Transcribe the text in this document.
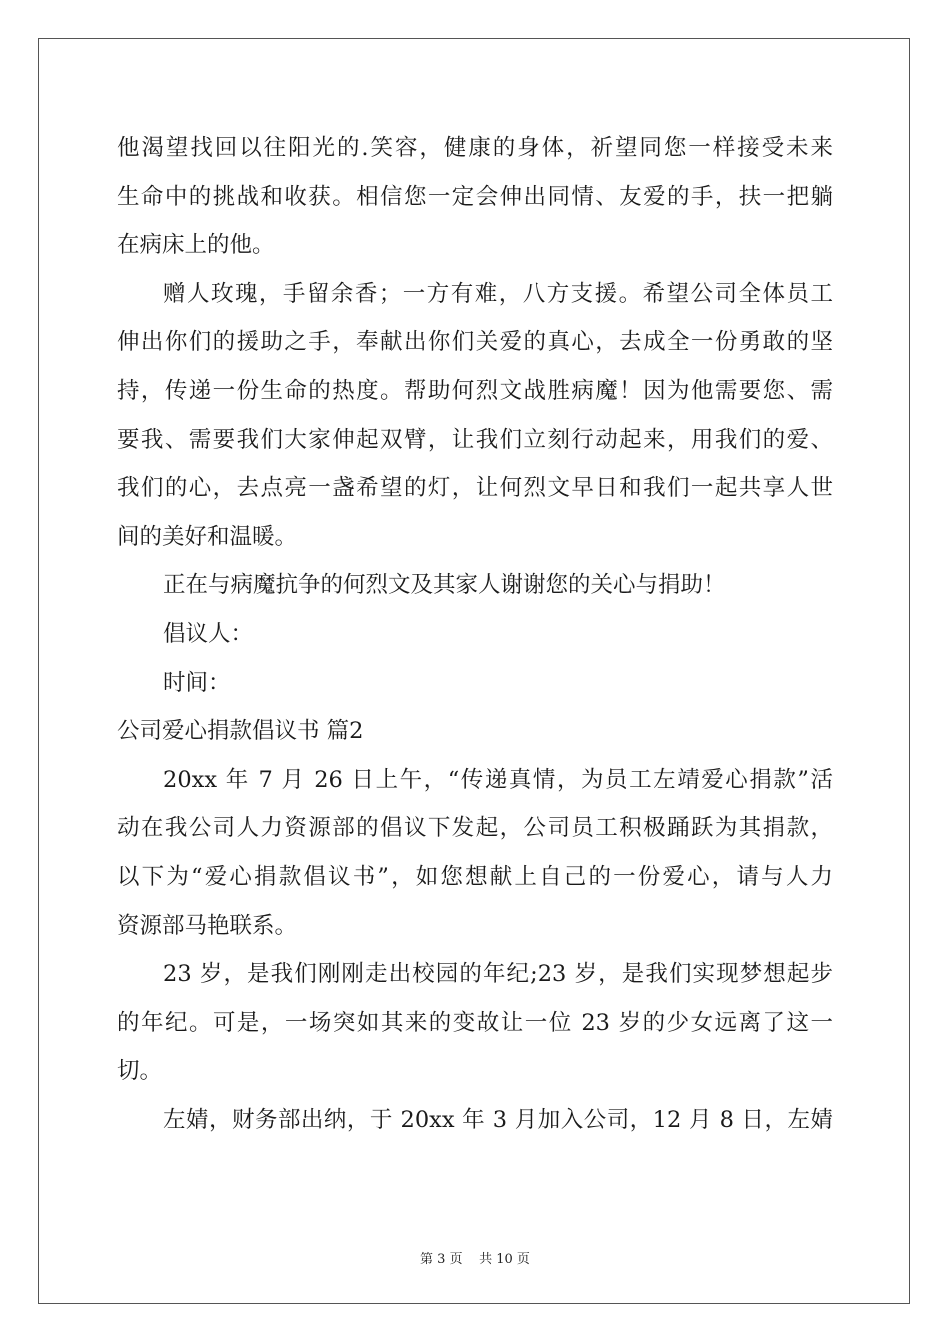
他渴望找回以往阳光的.笑容，健康的身体，祈望同您一样接受未来
生命中的挑战和收获。相信您一定会伸出同情、友爱的手，扶一把躺
在病床上的他。
赠人玫瑰，手留余香；一方有难，八方支援。希望公司全体员工
伸出你们的援助之手，奉献出你们关爱的真心，去成全一份勇敢的坚
持，传递一份生命的热度。帮助何烈文战胜病魔！因为他需要您、需
要我、需要我们大家伸起双臂，让我们立刻行动起来，用我们的爱、
我们的心，去点亮一盏希望的灯，让何烈文早日和我们一起共享人世
间的美好和温暖。
正在与病魔抗争的何烈文及其家人谢谢您的关心与捐助！
倡议人：
时间：
公司爱心捐款倡议书 篇2
20xx 年 7 月 26 日上午，“传递真情，为员工左靖爱心捐款”活
动在我公司人力资源部的倡议下发起，公司员工积极踊跃为其捐款，
以下为“爱心捐款倡议书”，如您想献上自己的一份爱心，请与人力
资源部马艳联系。
23 岁，是我们刚刚走出校园的年纪;23 岁，是我们实现梦想起步
的年纪。可是，一场突如其来的变故让一位 23 岁的少女远离了这一
切。
左婧，财务部出纳，于 20xx 年 3 月加入公司，12 月 8 日，左婧
第 3 页 共 10 页
